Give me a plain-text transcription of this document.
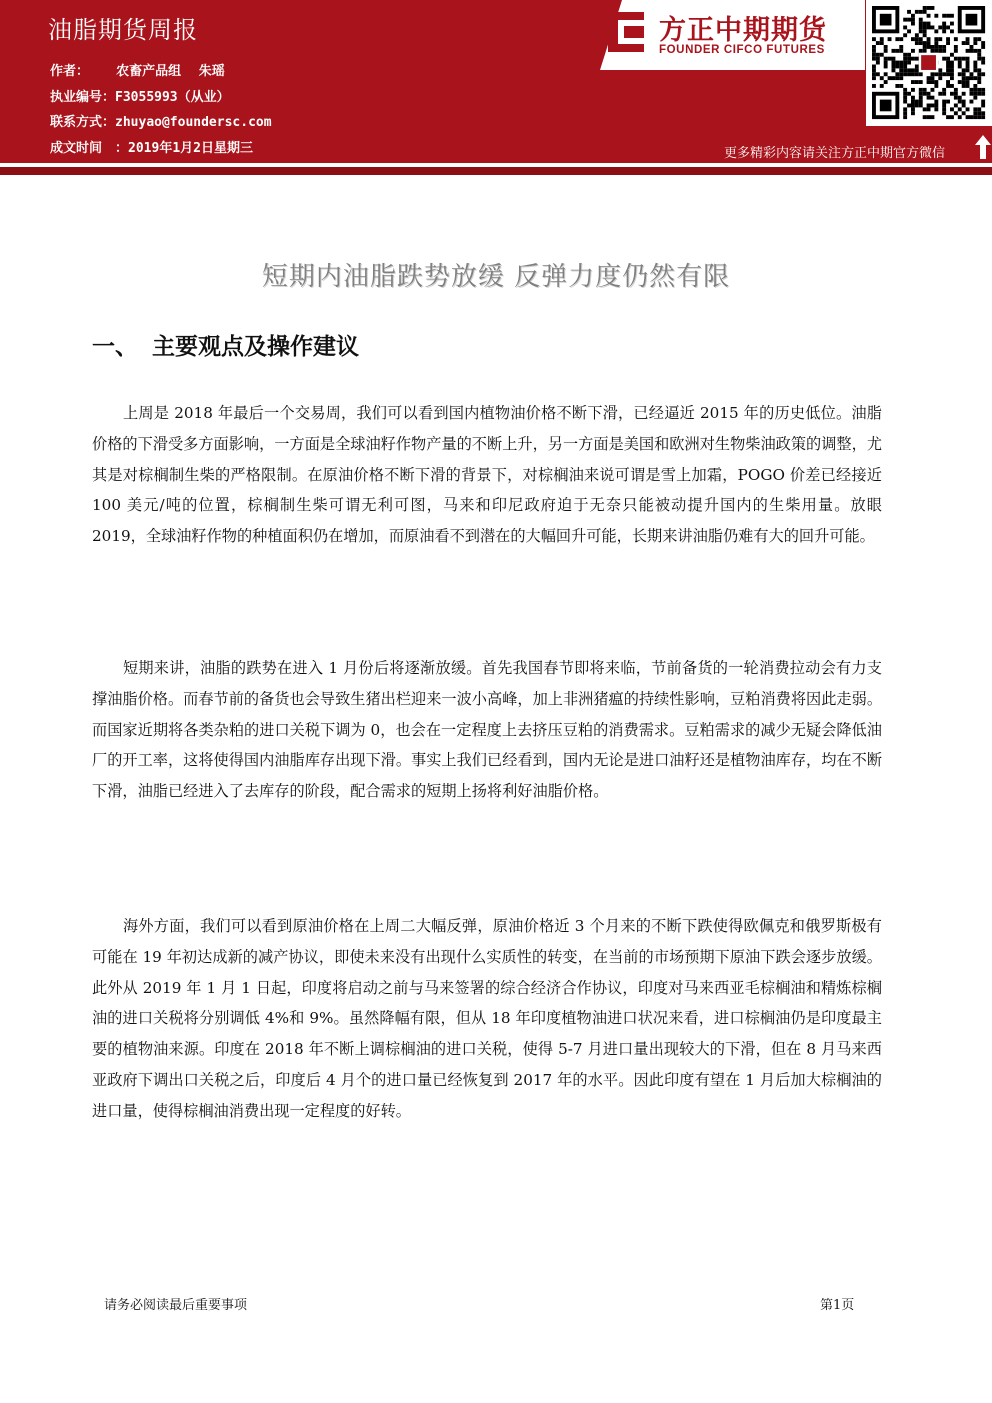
油脂期货周报
作者： 农畜产品组　 朱瑶
执业编号：F3055993（从业）
联系方式：zhuyao@foundersc.com
成文时间　：2019年1月2日星期三
方正中期期货
FOUNDER CIFCO FUTURES
更多精彩内容请关注方正中期官方微信
短期内油脂跌势放缓 反弹力度仍然有限
一、 主要观点及操作建议
上周是 2018 年最后一个交易周，我们可以看到国内植物油价格不断下滑，已经逼近 2015 年的历史低位。油脂价格的下滑受多方面影响，一方面是全球油籽作物产量的不断上升，另一方面是美国和欧洲对生物柴油政策的调整，尤其是对棕榈制生柴的严格限制。在原油价格不断下滑的背景下，对棕榈油来说可谓是雪上加霜，POGO 价差已经接近 100 美元/吨的位置，棕榈制生柴可谓无利可图，马来和印尼政府迫于无奈只能被动提升国内的生柴用量。放眼 2019，全球油籽作物的种植面积仍在增加，而原油看不到潜在的大幅回升可能，长期来讲油脂仍难有大的回升可能。
短期来讲，油脂的跌势在进入 1 月份后将逐渐放缓。首先我国春节即将来临，节前备货的一轮消费拉动会有力支撑油脂价格。而春节前的备货也会导致生猪出栏迎来一波小高峰，加上非洲猪瘟的持续性影响，豆粕消费将因此走弱。而国家近期将各类杂粕的进口关税下调为 0，也会在一定程度上去挤压豆粕的消费需求。豆粕需求的减少无疑会降低油厂的开工率，这将使得国内油脂库存出现下滑。事实上我们已经看到，国内无论是进口油籽还是植物油库存，均在不断下滑，油脂已经进入了去库存的阶段，配合需求的短期上扬将利好油脂价格。
海外方面，我们可以看到原油价格在上周二大幅反弹，原油价格近 3 个月来的不断下跌使得欧佩克和俄罗斯极有可能在 19 年初达成新的减产协议，即使未来没有出现什么实质性的转变，在当前的市场预期下原油下跌会逐步放缓。此外从 2019 年 1 月 1 日起，印度将启动之前与马来签署的综合经济合作协议，印度对马来西亚毛棕榈油和精炼棕榈油的进口关税将分别调低 4%和 9%。虽然降幅有限，但从 18 年印度植物油进口状况来看，进口棕榈油仍是印度最主要的植物油来源。印度在 2018 年不断上调棕榈油的进口关税，使得 5-7 月进口量出现较大的下滑，但在 8 月马来西亚政府下调出口关税之后，印度后 4 月个的进口量已经恢复到 2017 年的水平。因此印度有望在 1 月后加大棕榈油的进口量，使得棕榈油消费出现一定程度的好转。
请务必阅读最后重要事项	第1页
